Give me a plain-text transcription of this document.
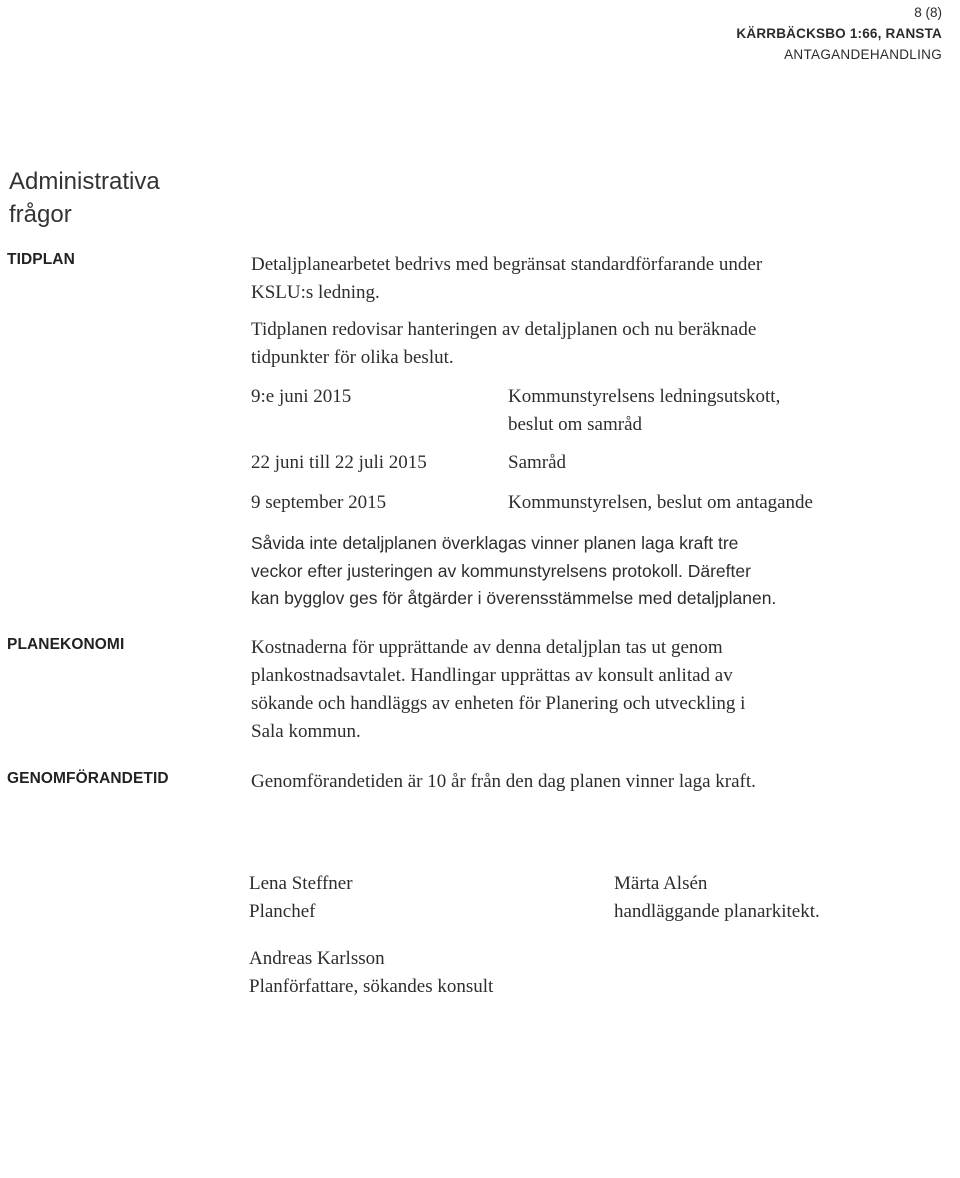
8 (8)
KÄRRBÄCKSBO 1:66, RANSTA
ANTAGANDEHANDLING
Administrativa
frågor
TIDPLAN	Detaljplanearbetet bedrivs med begränsat standardförfarande under
KSLU:s ledning.
Tidplanen redovisar hanteringen av detaljplanen och nu beräknade
tidpunkter för olika beslut.
9:e juni 2015	Kommunstyrelsens ledningsutskott,
beslut om samråd
22 juni till 22 juli 2015	Samråd
9 september 2015	Kommunstyrelsen, beslut om antagande
Såvida inte detaljplanen överklagas vinner planen laga kraft tre
veckor efter justeringen av kommunstyrelsens protokoll. Därefter
kan bygglov ges för åtgärder i överensstämmelse med detaljplanen.
PLANEKONOMI	Kostnaderna för upprättande av denna detaljplan tas ut genom
plankostnadsavtalet. Handlingar upprättas av konsult anlitad av
sökande och handläggs av enheten för Planering och utveckling i
Sala kommun.
GENOMFÖRANDETID	Genomförandetiden är 10 år från den dag planen vinner laga kraft.
Lena Steffner
Planchef
Märta Alsén
handläggande planarkitekt.
Andreas Karlsson
Planförfattare, sökandes konsult
